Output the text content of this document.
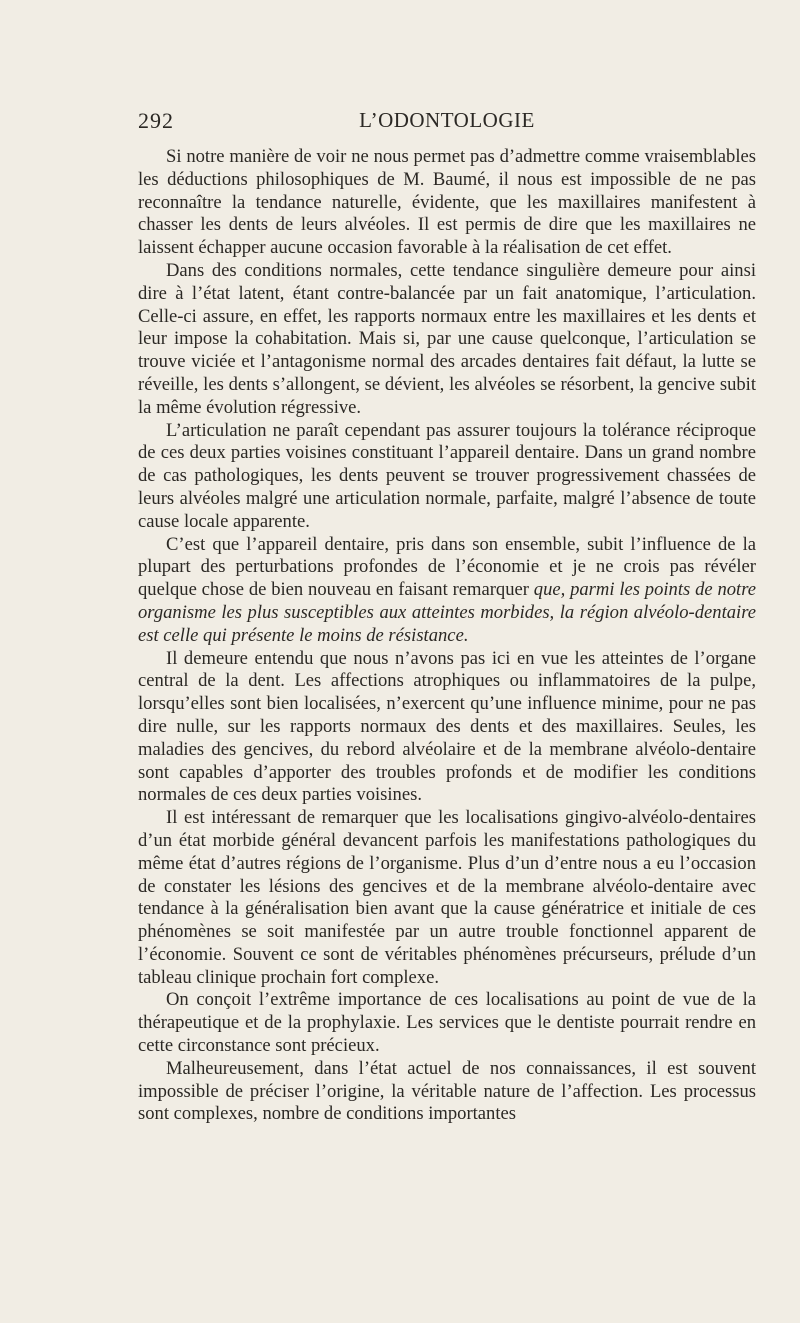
292	L’ODONTOLOGIE

Si notre manière de voir ne nous permet pas d’admettre comme vraisemblables les déductions philosophiques de M. Baumé, il nous est impossible de ne pas reconnaître la tendance naturelle, évidente, que les maxillaires manifestent à chasser les dents de leurs alvéoles. Il est permis de dire que les maxillaires ne laissent échapper aucune occasion favorable à la réalisation de cet effet.

Dans des conditions normales, cette tendance singulière demeure pour ainsi dire à l’état latent, étant contre-balancée par un fait anatomique, l’articulation. Celle-ci assure, en effet, les rapports normaux entre les maxillaires et les dents et leur impose la cohabitation. Mais si, par une cause quelconque, l’articulation se trouve viciée et l’antagonisme normal des arcades dentaires fait défaut, la lutte se réveille, les dents s’allongent, se dévient, les alvéoles se résorbent, la gencive subit la même évolution régressive.

L’articulation ne paraît cependant pas assurer toujours la tolérance réciproque de ces deux parties voisines constituant l’appareil dentaire. Dans un grand nombre de cas pathologiques, les dents peuvent se trouver progressivement chassées de leurs alvéoles malgré une articulation normale, parfaite, malgré l’absence de toute cause locale apparente.

C’est que l’appareil dentaire, pris dans son ensemble, subit l’influence de la plupart des perturbations profondes de l’économie et je ne crois pas révéler quelque chose de bien nouveau en faisant remarquer que, parmi les points de notre organisme les plus susceptibles aux atteintes morbides, la région alvéolo-dentaire est celle qui présente le moins de résistance.

Il demeure entendu que nous n’avons pas ici en vue les atteintes de l’organe central de la dent. Les affections atrophiques ou inflammatoires de la pulpe, lorsqu’elles sont bien localisées, n’exercent qu’une influence minime, pour ne pas dire nulle, sur les rapports normaux des dents et des maxillaires. Seules, les maladies des gencives, du rebord alvéolaire et de la membrane alvéolo-dentaire sont capables d’apporter des troubles profonds et de modifier les conditions normales de ces deux parties voisines.

Il est intéressant de remarquer que les localisations gingivo-alvéolo-dentaires d’un état morbide général devancent parfois les manifestations pathologiques du même état d’autres régions de l’organisme. Plus d’un d’entre nous a eu l’occasion de constater les lésions des gencives et de la membrane alvéolo-dentaire avec tendance à la généralisation bien avant que la cause génératrice et initiale de ces phénomènes se soit manifestée par un autre trouble fonctionnel apparent de l’économie. Souvent ce sont de véritables phénomènes précurseurs, prélude d’un tableau clinique prochain fort complexe.

On conçoit l’extrême importance de ces localisations au point de vue de la thérapeutique et de la prophylaxie. Les services que le dentiste pourrait rendre en cette circonstance sont précieux.

Malheureusement, dans l’état actuel de nos connaissances, il est souvent impossible de préciser l’origine, la véritable nature de l’affection. Les processus sont complexes, nombre de conditions importantes
